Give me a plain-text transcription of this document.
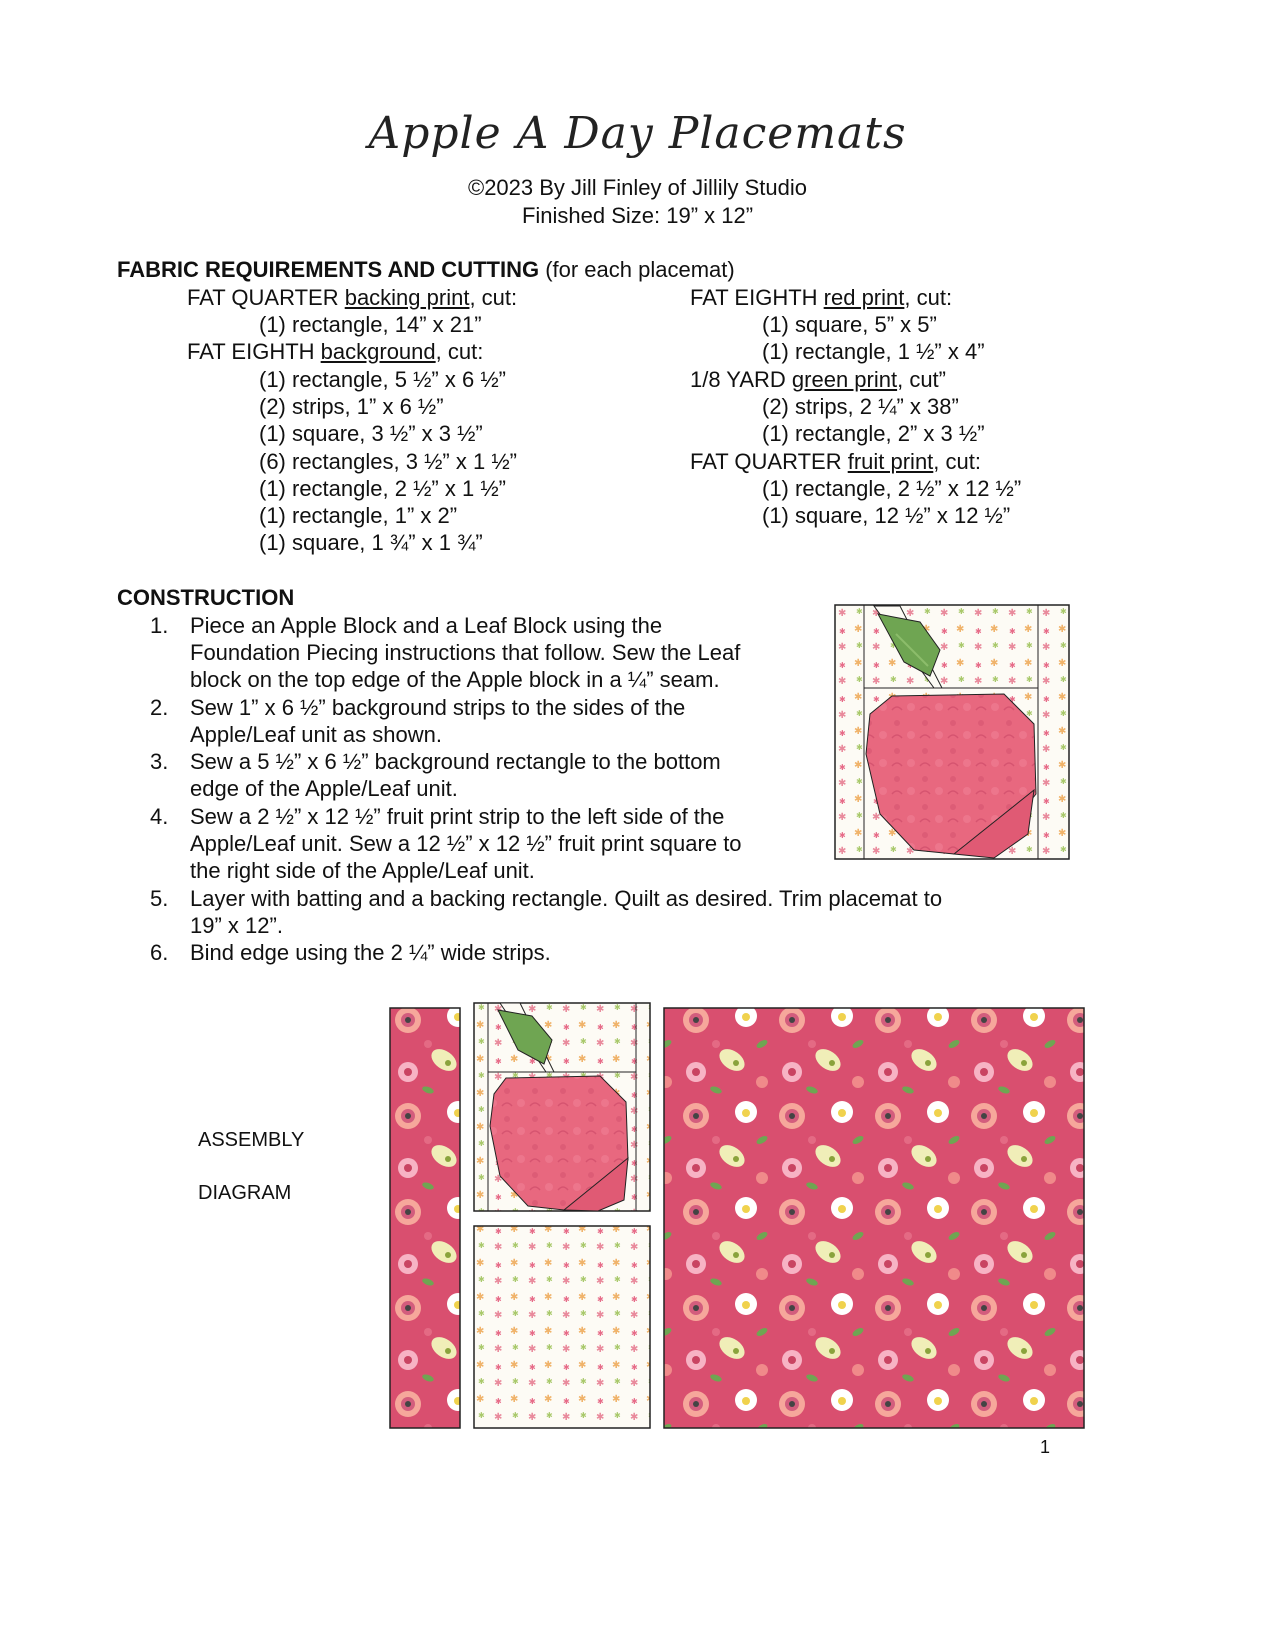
Apple A Day Placemats
©2023 By Jill Finley of Jillily Studio
Finished Size: 19” x 12”
FABRIC REQUIREMENTS AND CUTTING (for each placemat)
FAT QUARTER backing print, cut:
(1) rectangle, 14” x 21”
FAT EIGHTH background, cut:
(1) rectangle, 5 ½” x 6 ½”
(2) strips, 1” x 6 ½”
(1) square, 3 ½” x 3 ½”
(6) rectangles, 3 ½” x 1 ½”
(1) rectangle, 2 ½” x 1 ½”
(1) rectangle, 1” x 2”
(1) square, 1 ¾” x 1 ¾”
FAT EIGHTH red print, cut:
(1) square, 5” x 5”
(1) rectangle, 1 ½” x 4”
1/8 YARD green print, cut”
(2) strips, 2 ¼” x 38”
(1) rectangle, 2” x 3 ½”
FAT QUARTER fruit print, cut:
(1) rectangle, 2 ½” x 12 ½”
(1) square, 12 ½” x 12 ½”
CONSTRUCTION
1. Piece an Apple Block and a Leaf Block using the
Foundation Piecing instructions that follow. Sew the Leaf
block on the top edge of the Apple block in a ¼” seam.
2. Sew 1” x 6 ½” background strips to the sides of the
Apple/Leaf unit as shown.
3. Sew a 5 ½” x 6 ½” background rectangle to the bottom
edge of the Apple/Leaf unit.
4. Sew a 2 ½” x 12 ½” fruit print strip to the left side of the
Apple/Leaf unit. Sew a 12 ½” x 12 ½” fruit print square to
the right side of the Apple/Leaf unit.
5. Layer with batting and a backing rectangle. Quilt as desired. Trim placemat to
19” x 12”.
6. Bind edge using the 2 ¼” wide strips.
ASSEMBLY
DIAGRAM
1
